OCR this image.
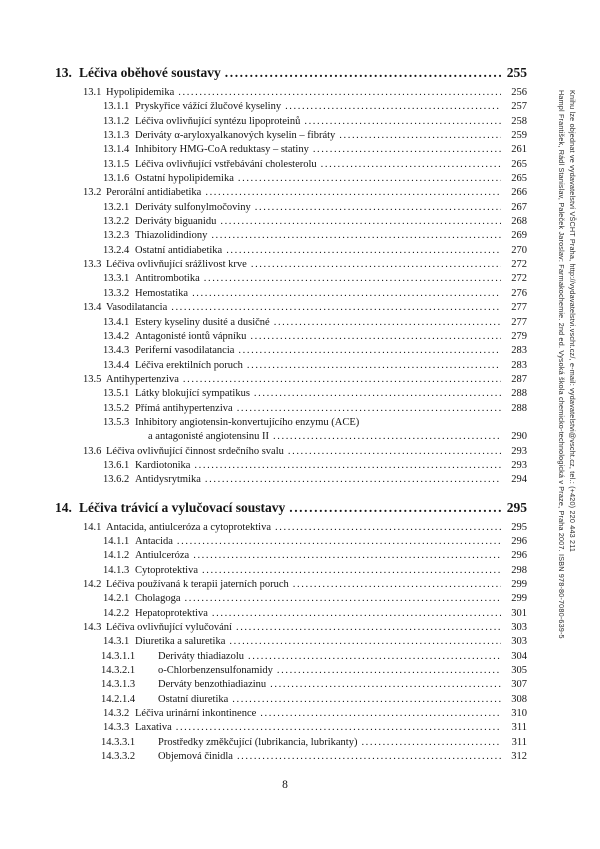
13. Léčiva oběhové soustavy .....	255
13.1 Hypolipidemika .....	256
13.1.1 Pryskyřice vážící žlučové kyseliny .....	257
13.1.2 Léčiva ovlivňující syntézu lipoproteinů .....	258
13.1.3 Deriváty α-aryloxyalkanových kyselin – fibráty .....	259
13.1.4 Inhibitory HMG-CoA reduktasy – statiny .....	261
13.1.5 Léčiva ovlivňující vstřebávání cholesterolu .....	265
13.1.6 Ostatní hypolipidemika .....	265
13.2 Perorální antidiabetika .....	266
13.2.1 Deriváty sulfonylmočoviny .....	267
13.2.2 Deriváty biguanidu .....	268
13.2.3 Thiazolidindiony .....	269
13.2.4 Ostatní antidiabetika .....	270
13.3 Léčiva ovlivňující srážlivost krve .....	272
13.3.1 Antitrombotika .....	272
13.3.2 Hemostatika .....	276
13.4 Vasodilatancia .....	277
13.4.1 Estery kyseliny dusité a dusičné .....	277
13.4.2 Antagonisté iontů vápníku .....	279
13.4.3 Periferní vasodilatancia .....	283
13.4.4 Léčiva erektilních poruch .....	283
13.5 Antihypertenziva .....	287
13.5.1 Látky blokující sympatikus .....	288
13.5.2 Přímá antihypertenziva .....	288
13.5.3 Inhibitory angiotensin-konvertujícího enzymu (ACE)
a antagonisté angiotensinu II .....	290
13.6 Léčiva ovlivňující činnost srdečního svalu .....	293
13.6.1 Kardiotonika .....	293
13.6.2 Antidysrytmika .....	294
14. Léčiva trávicí a vylučovací soustavy .....	295
14.1 Antacida, antiulceróza a cytoprotektiva .....	295
14.1.1 Antacida .....	296
14.1.2 Antiulceróza .....	296
14.1.3 Cytoprotektiva .....	298
14.2 Léčiva používaná k terapii jaterních poruch .....	299
14.2.1 Cholagoga .....	299
14.2.2 Hepatoprotektiva .....	301
14.3 Léčiva ovlivňující vylučování .....	303
14.3.1 Diuretika a saluretika .....	303
14.3.1.1	Deriváty thiadiazolu .....	304
14.3.2.1	o-Chlorbenzensulfonamidy .....	305
14.3.1.3	Derváty benzothiadiazinu .....	307
14.2.1.4	Ostatní diuretika .....	308
14.3.2 Léčiva urinární inkontinence .....	310
14.3.3 Laxativa .....	311
14.3.3.1	Prostředky změkčující (lubrikancia, lubrikanty) .....	311
14.3.3.2	Objemová činidla .....	312
8
Hampl František, Rádl Stanislav, Paleček Jaroslav: Farmakochemie. 2nd ed. Vysoká škola chemicko-technologická v Praze, Praha 2007. ISBN 978-80-7080-639-5 Knihu lze objednat ve vydavatelství VŠCHT Praha, http://vydavatelstvi.vscht.cz/, e-mail: vydavatelstvi@vscht.cz, tel.: (+420) 220 443 211
